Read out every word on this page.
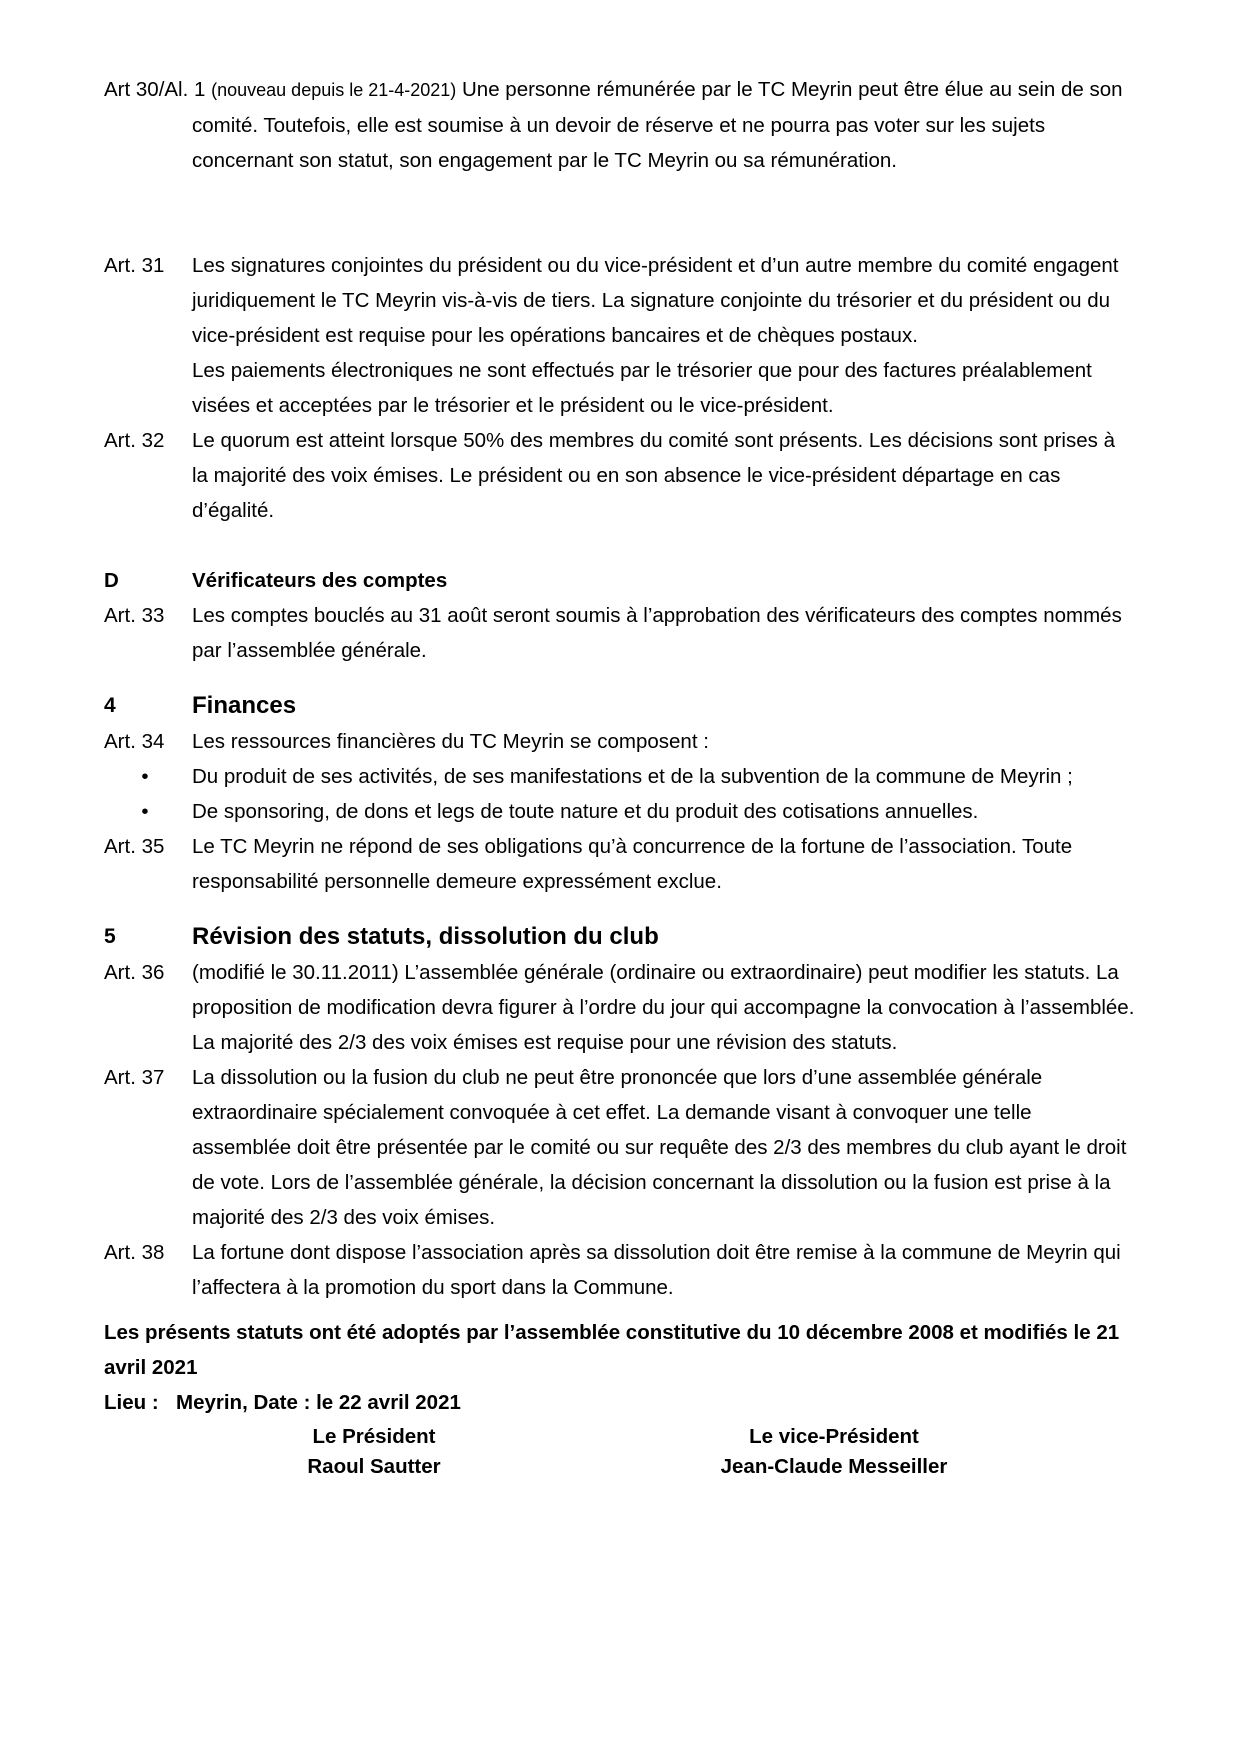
Art 30/Al. 1 (nouveau depuis le 21-4-2021) Une personne rémunérée par le TC Meyrin peut être élue au sein de son comité. Toutefois, elle est soumise à un devoir de réserve et ne pourra pas voter sur les sujets concernant son statut, son engagement par le TC Meyrin ou sa rémunération.
Art. 31	Les signatures conjointes du président ou du vice-président et d’un autre membre du comité engagent juridiquement le TC Meyrin vis-à-vis de tiers. La signature conjointe du trésorier et du président ou du vice-président est requise pour les opérations bancaires et de chèques postaux.
Les paiements électroniques ne sont effectués par le trésorier que pour des factures préalablement visées et acceptées par le trésorier et le président ou le vice-président.
Art. 32	Le quorum est atteint lorsque 50% des membres du comité sont présents. Les décisions sont prises à la majorité des voix émises. Le président ou en son absence le vice-président départage en cas d’égalité.
D	Vérificateurs des comptes
Art. 33	Les comptes bouclés au 31 août seront soumis à l’approbation des vérificateurs des comptes nommés par l’assemblée générale.
4	Finances
Art. 34	Les ressources financières du TC Meyrin se composent :
•	Du produit de ses activités, de ses manifestations et de la subvention de la commune de Meyrin ;
•	De sponsoring, de dons et legs de toute nature et du produit des cotisations annuelles.
Art. 35	Le TC Meyrin ne répond de ses obligations qu’à concurrence de la fortune de l’association. Toute responsabilité personnelle demeure expressément exclue.
5	Révision des statuts, dissolution du club
Art. 36	(modifié le 30.11.2011) L’assemblée générale (ordinaire ou extraordinaire) peut modifier les statuts. La proposition de modification devra figurer à l’ordre du jour qui accompagne la convocation à l’assemblée. La majorité des 2/3 des voix émises est requise pour une révision des statuts.
Art. 37	La dissolution ou la fusion du club ne peut être prononcée que lors d’une assemblée générale extraordinaire spécialement convoquée à cet effet. La demande visant à convoquer une telle assemblée doit être présentée par le comité ou sur requête des 2/3 des membres du club ayant le droit de vote. Lors de l’assemblée générale, la décision concernant la dissolution ou la fusion est prise à la majorité des 2/3 des voix émises.
Art. 38	La fortune dont dispose l’association après sa dissolution doit être remise à la commune de Meyrin qui l’affectera à la promotion du sport dans la Commune.
Les présents statuts ont été adoptés par l’assemblée constitutive du 10 décembre 2008 et modifiés le 21 avril 2021
Lieu : Meyrin, Date : le 22 avril 2021
Le Président
Raoul Sautter
Le vice-Président
Jean-Claude Messeiller
